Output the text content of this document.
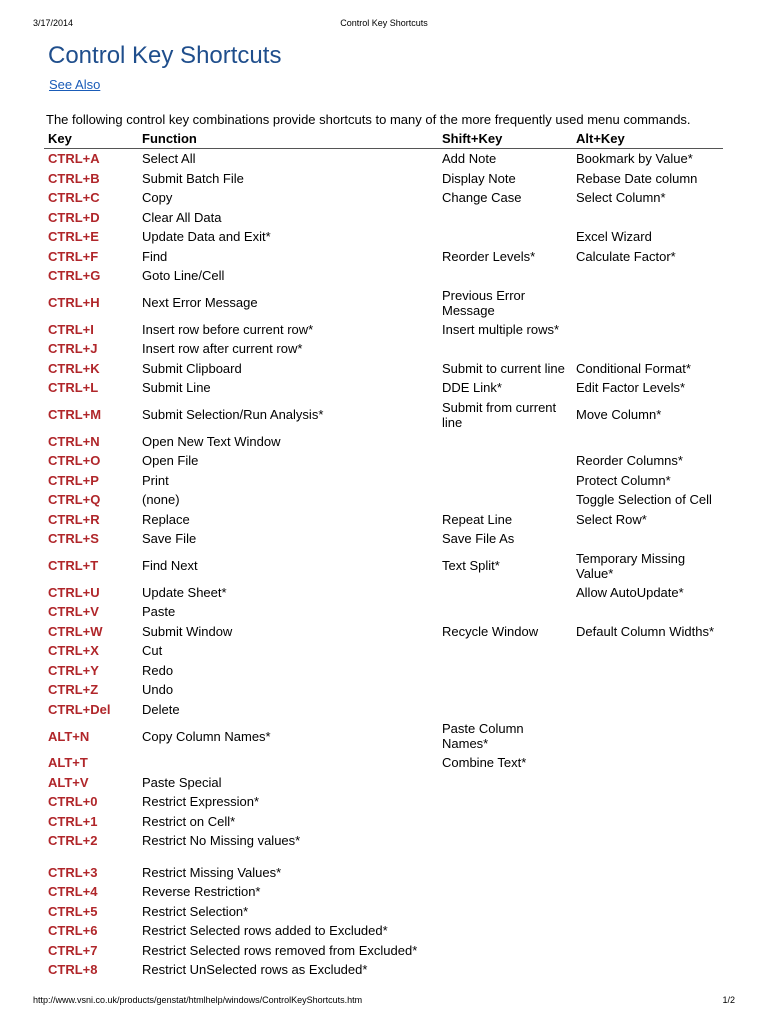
3/17/2014	Control Key Shortcuts
Control Key Shortcuts
See Also
The following control key combinations provide shortcuts to many of the more frequently used menu commands.
Key	Function	Shift+Key	Alt+Key
CTRL+A	Select All	Add Note	Bookmark by Value*
CTRL+B	Submit Batch File	Display Note	Rebase Date column
CTRL+C	Copy	Change Case	Select Column*
CTRL+D	Clear All Data		
CTRL+E	Update Data and Exit*		Excel Wizard
CTRL+F	Find	Reorder Levels*	Calculate Factor*
CTRL+G	Goto Line/Cell		
CTRL+H	Next Error Message	Previous Error Message	
CTRL+I	Insert row before current row*	Insert multiple rows*	
CTRL+J	Insert row after current row*		
CTRL+K	Submit Clipboard	Submit to current line	Conditional Format*
CTRL+L	Submit Line	DDE Link*	Edit Factor Levels*
CTRL+M	Submit Selection/Run Analysis*	Submit from current line	Move Column*
CTRL+N	Open New Text Window		
CTRL+O	Open File		Reorder Columns*
CTRL+P	Print		Protect Column*
CTRL+Q	(none)		Toggle Selection of Cell
CTRL+R	Replace	Repeat Line	Select Row*
CTRL+S	Save File	Save File As	
CTRL+T	Find Next	Text Split*	Temporary Missing Value*
CTRL+U	Update Sheet*		Allow AutoUpdate*
CTRL+V	Paste		
CTRL+W	Submit Window	Recycle Window	Default Column Widths*
CTRL+X	Cut		
CTRL+Y	Redo		
CTRL+Z	Undo		
CTRL+Del	Delete		
ALT+N	Copy Column Names*	Paste Column Names*	
ALT+T		Combine Text*	
ALT+V	Paste Special		
CTRL+0	Restrict Expression*		
CTRL+1	Restrict on Cell*		
CTRL+2	Restrict No Missing values*		
CTRL+3	Restrict Missing Values*		
CTRL+4	Reverse Restriction*		
CTRL+5	Restrict Selection*		
CTRL+6	Restrict Selected rows added to Excluded*		
CTRL+7	Restrict Selected rows removed from Excluded*		
CTRL+8	Restrict UnSelected rows as Excluded*		
http://www.vsni.co.uk/products/genstat/htmlhelp/windows/ControlKeyShortcuts.htm	1/2
